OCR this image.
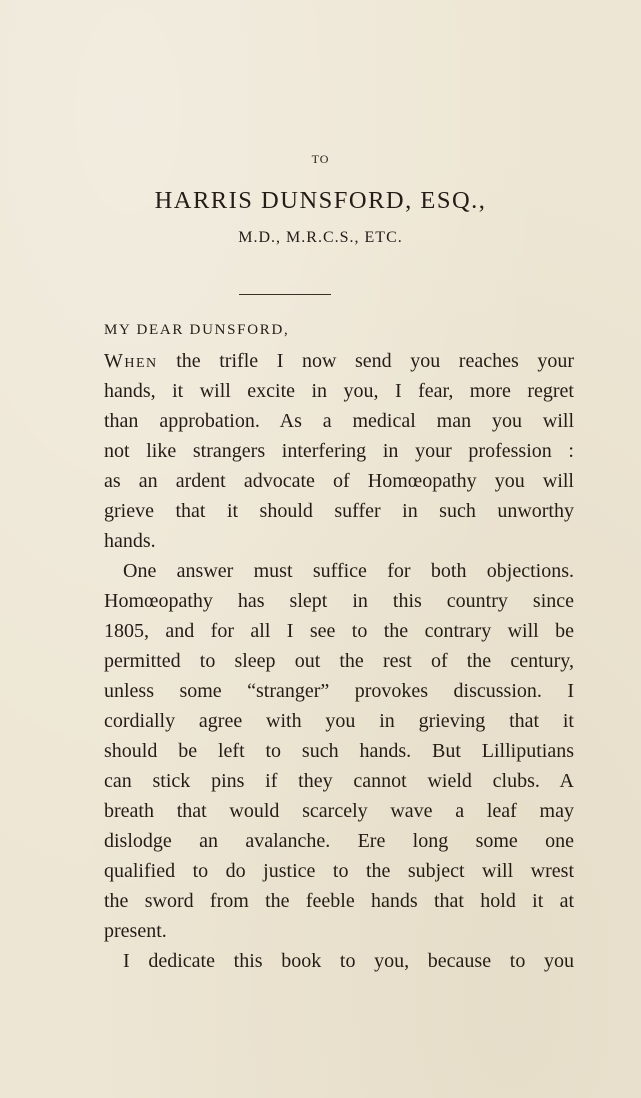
TO
HARRIS DUNSFORD, ESQ.,
M.D., M.R.C.S., ETC.
MY DEAR DUNSFORD,
When the trifle I now send you reaches your
hands, it will excite in you, I fear, more regret
than approbation. As a medical man you will
not like strangers interfering in your profession :
as an ardent advocate of Homœopathy you will
grieve that it should suffer in such unworthy
hands.
One answer must suffice for both objections.
Homœopathy has slept in this country since
1805, and for all I see to the contrary will be
permitted to sleep out the rest of the century,
unless some “stranger” provokes discussion. I
cordially agree with you in grieving that it
should be left to such hands. But Lilliputians
can stick pins if they cannot wield clubs. A
breath that would scarcely wave a leaf may
dislodge an avalanche. Ere long some one
qualified to do justice to the subject will wrest
the sword from the feeble hands that hold it at
present.
I dedicate this book to you, because to you
